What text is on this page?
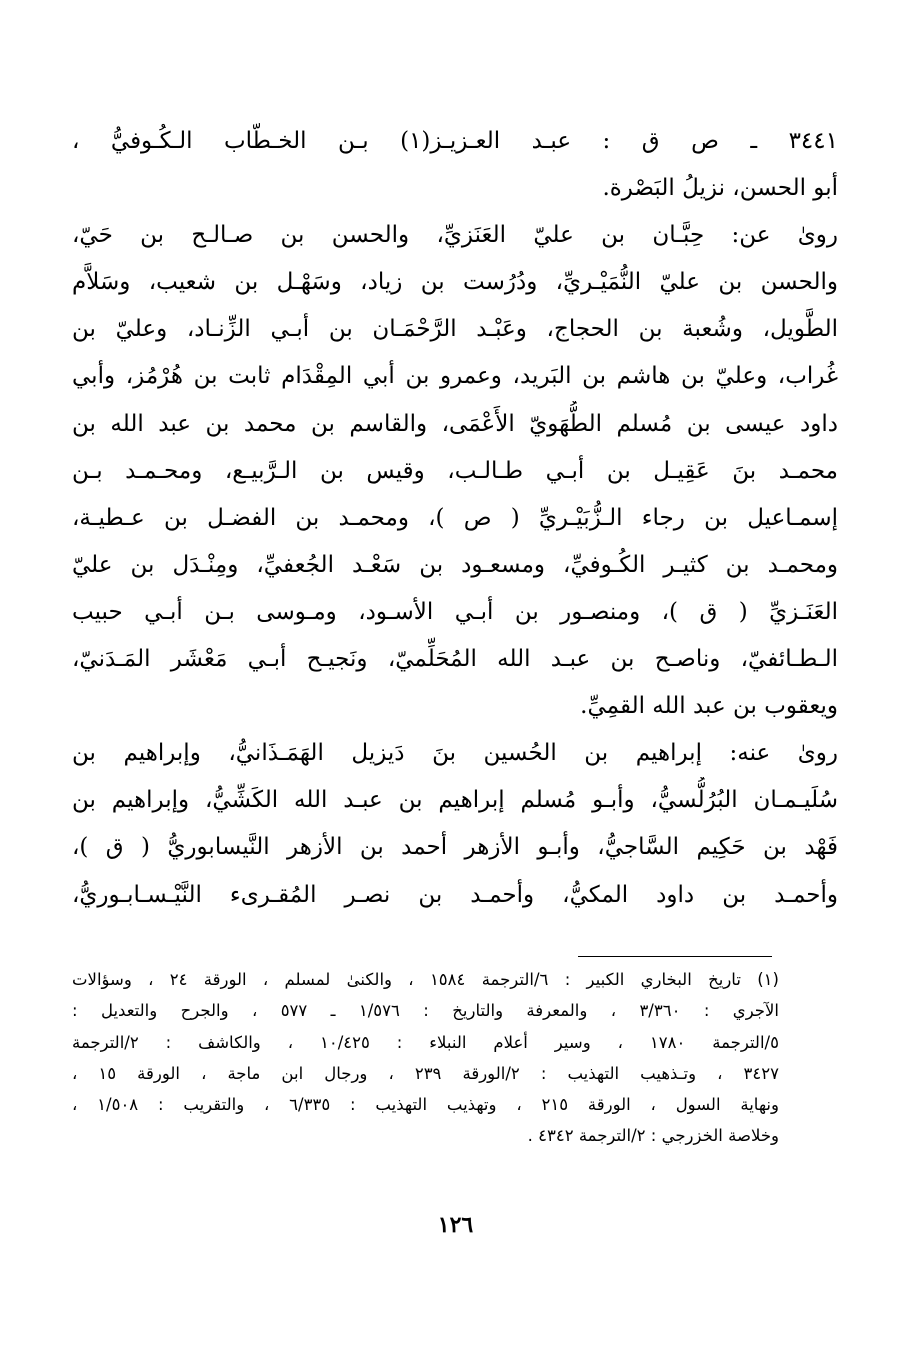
٣٤٤١ ـ ص ق : عبـد العـزيـز(١) بـن الخـطّاب الـكُـوفيُّ ،
أبو الحسن، نزيلُ البَصْرة.
روىٰ عن: حِبَّـان بن عليّ العَنَزيِّ، والحسن بن صـالـح بن حَيّ،
والحسن بن عليّ النُّمَيْـريِّ، ودُرُست بن زياد، وسَهْـل بن شعيب، وسَلاَّم
الطَّويل، وشُعبة بن الحجاج، وعَبْـد الرَّحْمَـان بن أبـي الزِّنـاد، وعليّ بن
غُراب، وعليّ بن هاشم بن البَريد، وعمرو بن أبي المِقْدَام ثابت بن هُرْمُز، وأبي
داود عيسى بن مُسلم الطُّهَويّ الأَعْمَى، والقاسم بن محمد بن عبد الله بن
محمـد بنَ عَقِيـل بن أبـي طـالـب، وقيس بن الـرَّبيـع، ومحـمـد بـن
إسمـاعيل بن رجاء الـزُّبَيْـريِّ ( ص )، ومحمـد بن الفضـل بن عـطيـة،
ومحمـد بن كثيـر الكُـوفيِّ، ومسعـود بن سَعْـد الجُعفيِّ، ومِنْـدَل بن عليّ
العَنَـزيِّ ( ق )، ومنصـور بن أبـي الأسـود، ومـوسى بـن أبـي حبيب
الـطـائفيّ، وناصـح بن عبـد الله المُحَلِّميّ، ونَجيـح أبـي مَعْشَر المَـدَنيّ،
ويعقوب بن عبد الله القمِيِّ.
روىٰ عنه: إبراهيم بن الحُسين بنَ دَيزيل الهَمَـذَانيُّ، وإبراهيم بن
سُلَيـمـان البُرُلُّسيُّ، وأبـو مُسلم إبراهيم بن عبـد الله الكَشِّيُّ، وإبراهيم بن
فَهْد بن حَكِيم السَّاجيُّ، وأبـو الأزهر أحمد بن الأزهر النَّيسابوريُّ ( ق )،
وأحمـد بن داود المكيُّ، وأحمـد بن نصـر المُقـرىء النَّيْـسـابـوريُّ،
(١) تاريخ البخاري الكبير : ٦/الترجمة ١٥٨٤ ، والكنىٰ لمسلم ، الورقة ٢٤ ، وسؤالات
الآجري : ٣/٣٦٠ ، والمعرفة والتاريخ : ١/٥٧٦ ـ ٥٧٧ ، والجرح والتعديل :
٥/الترجمة ١٧٨٠ ، وسير أعلام النبلاء : ١٠/٤٢٥ ، والكاشف : ٢/الترجمة
٣٤٢٧ ، وتـذهيب التهذيب : ٢/الورقة ٢٣٩ ، ورجال ابن ماجة ، الورقة ١٥ ،
ونهاية السول ، الورقة ٢١٥ ، وتهذيب التهذيب : ٦/٣٣٥ ، والتقريب : ١/٥٠٨ ،
وخلاصة الخزرجي : ٢/الترجمة ٤٣٤٢ .
١٢٦
